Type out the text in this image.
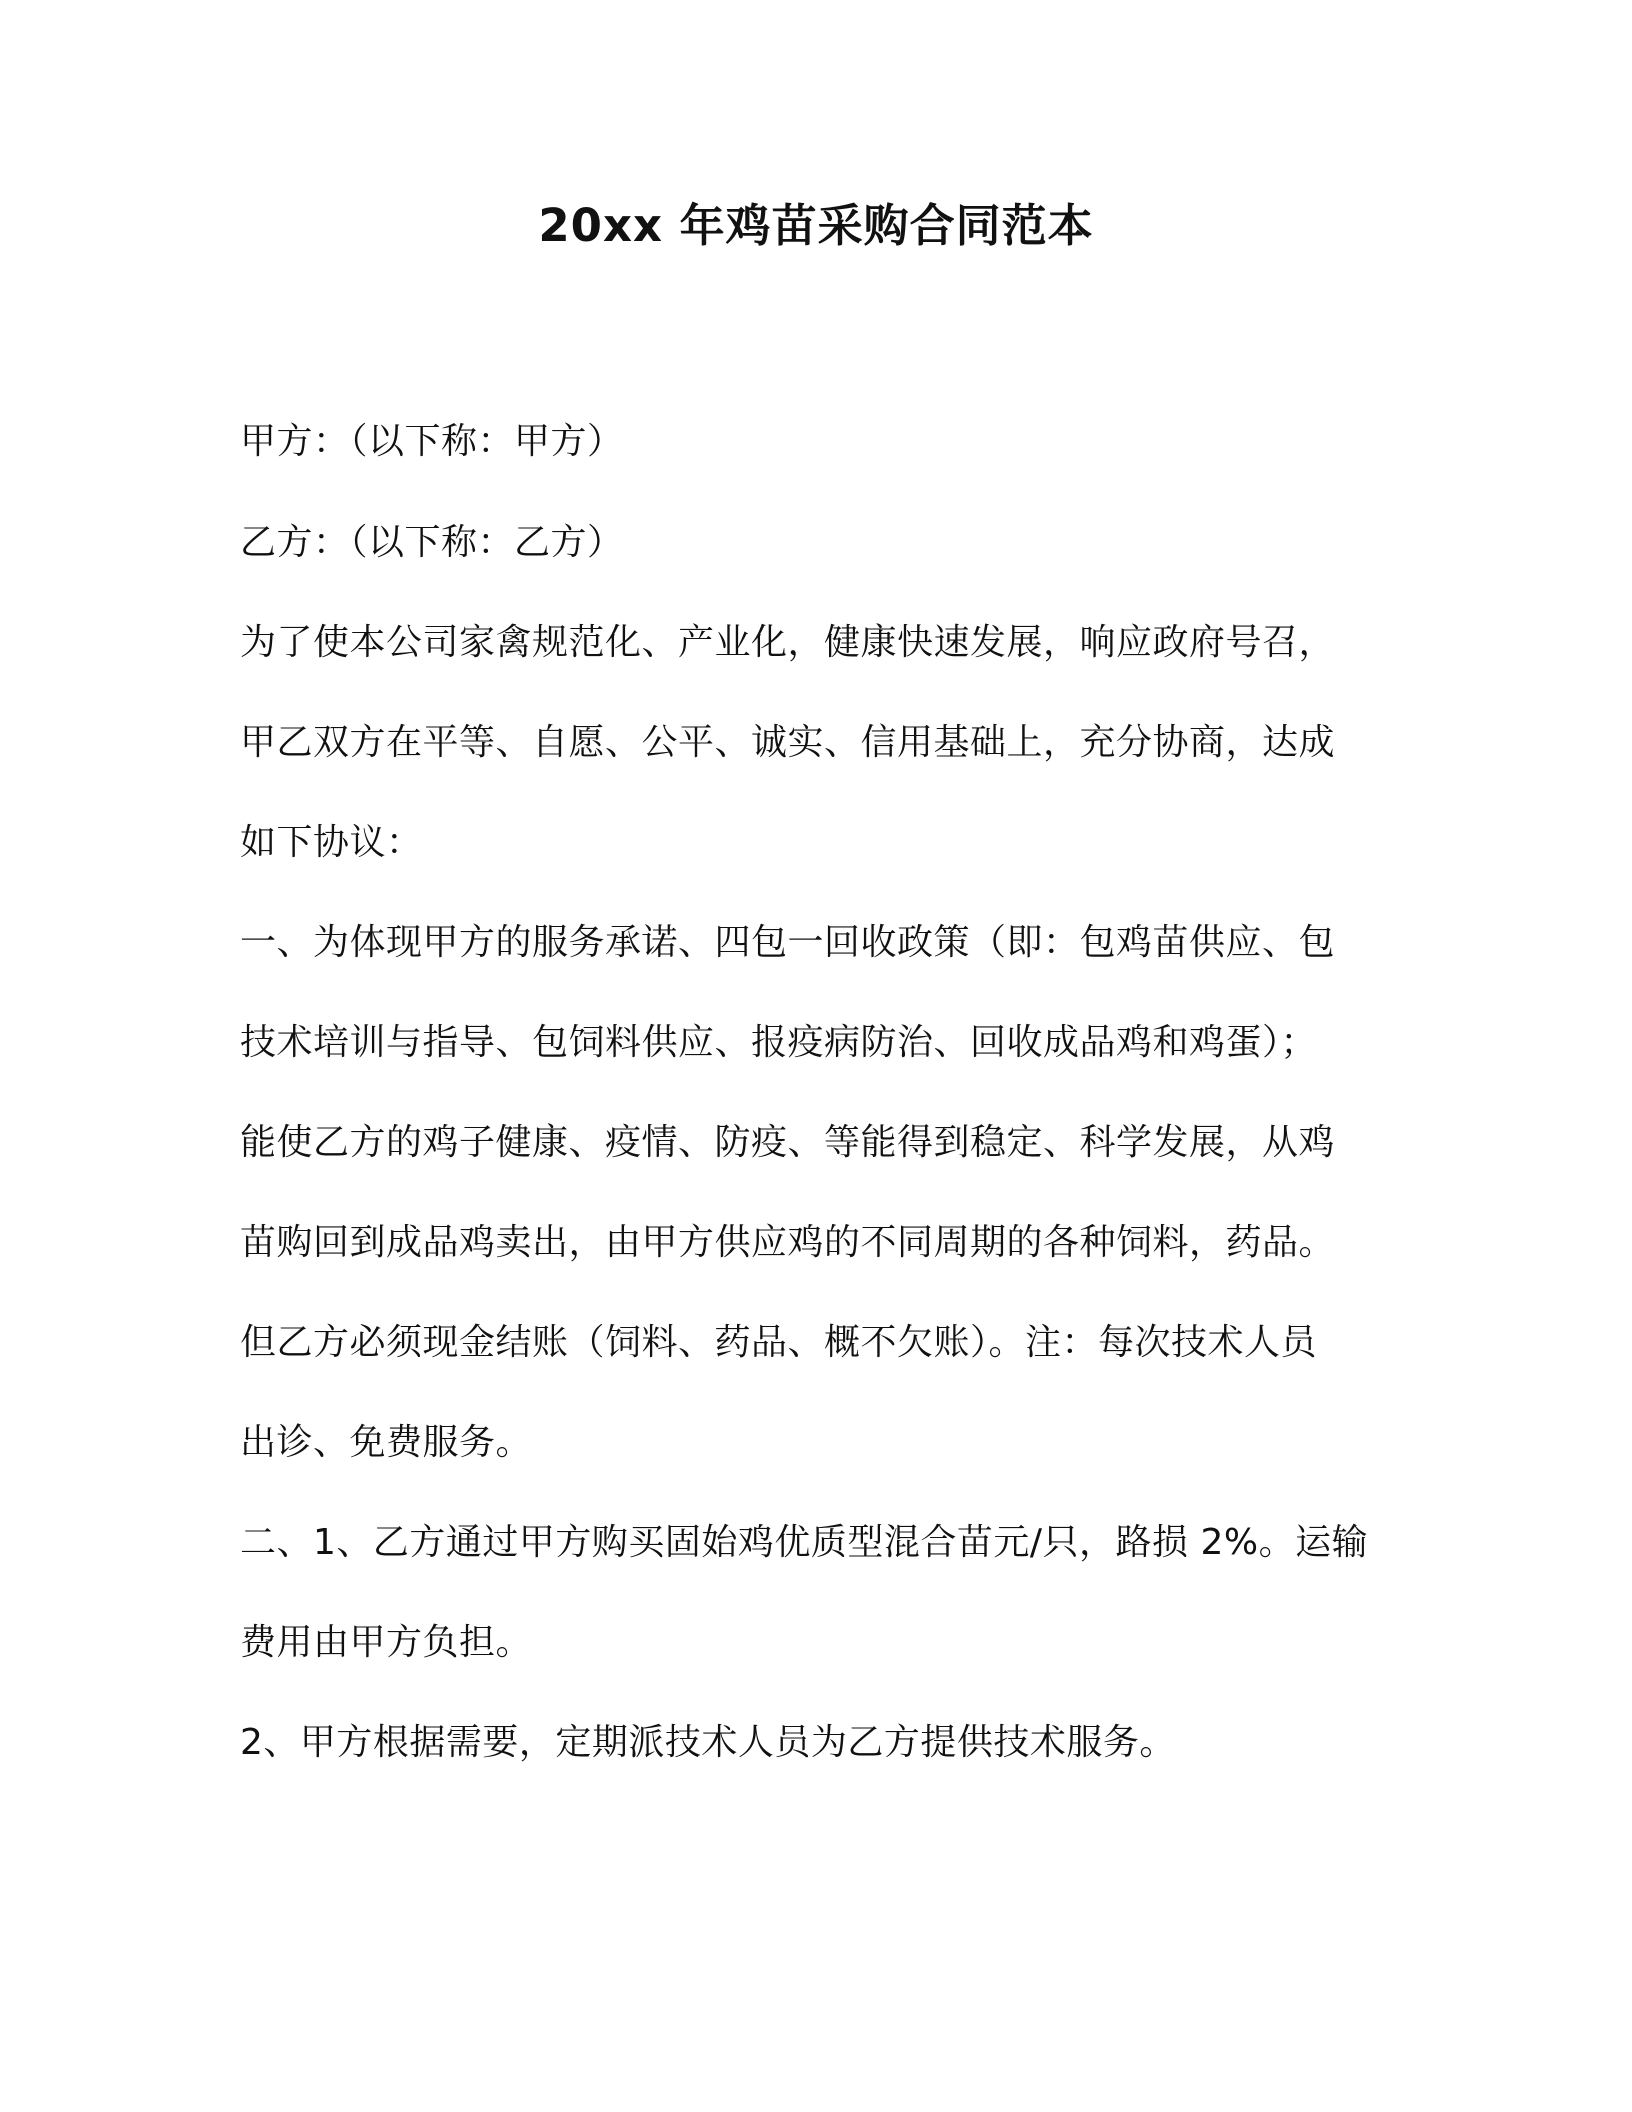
20xx 年鸡苗采购合同范本

甲方：（以下称：甲方）

乙方：（以下称：乙方）

为了使本公司家禽规范化、产业化，健康快速发展，响应政府号召，

甲乙双方在平等、自愿、公平、诚实、信用基础上，充分协商，达成

如下协议：

一、为体现甲方的服务承诺、四包一回收政策（即：包鸡苗供应、包

技术培训与指导、包饲料供应、报疫病防治、回收成品鸡和鸡蛋）；

能使乙方的鸡子健康、疫情、防疫、等能得到稳定、科学发展，从鸡

苗购回到成品鸡卖出，由甲方供应鸡的不同周期的各种饲料，药品。

但乙方必须现金结账（饲料、药品、概不欠账）。注：每次技术人员

出诊、免费服务。

二、1、乙方通过甲方购买固始鸡优质型混合苗元/只，路损 2%。运输

费用由甲方负担。

2、甲方根据需要，定期派技术人员为乙方提供技术服务。
